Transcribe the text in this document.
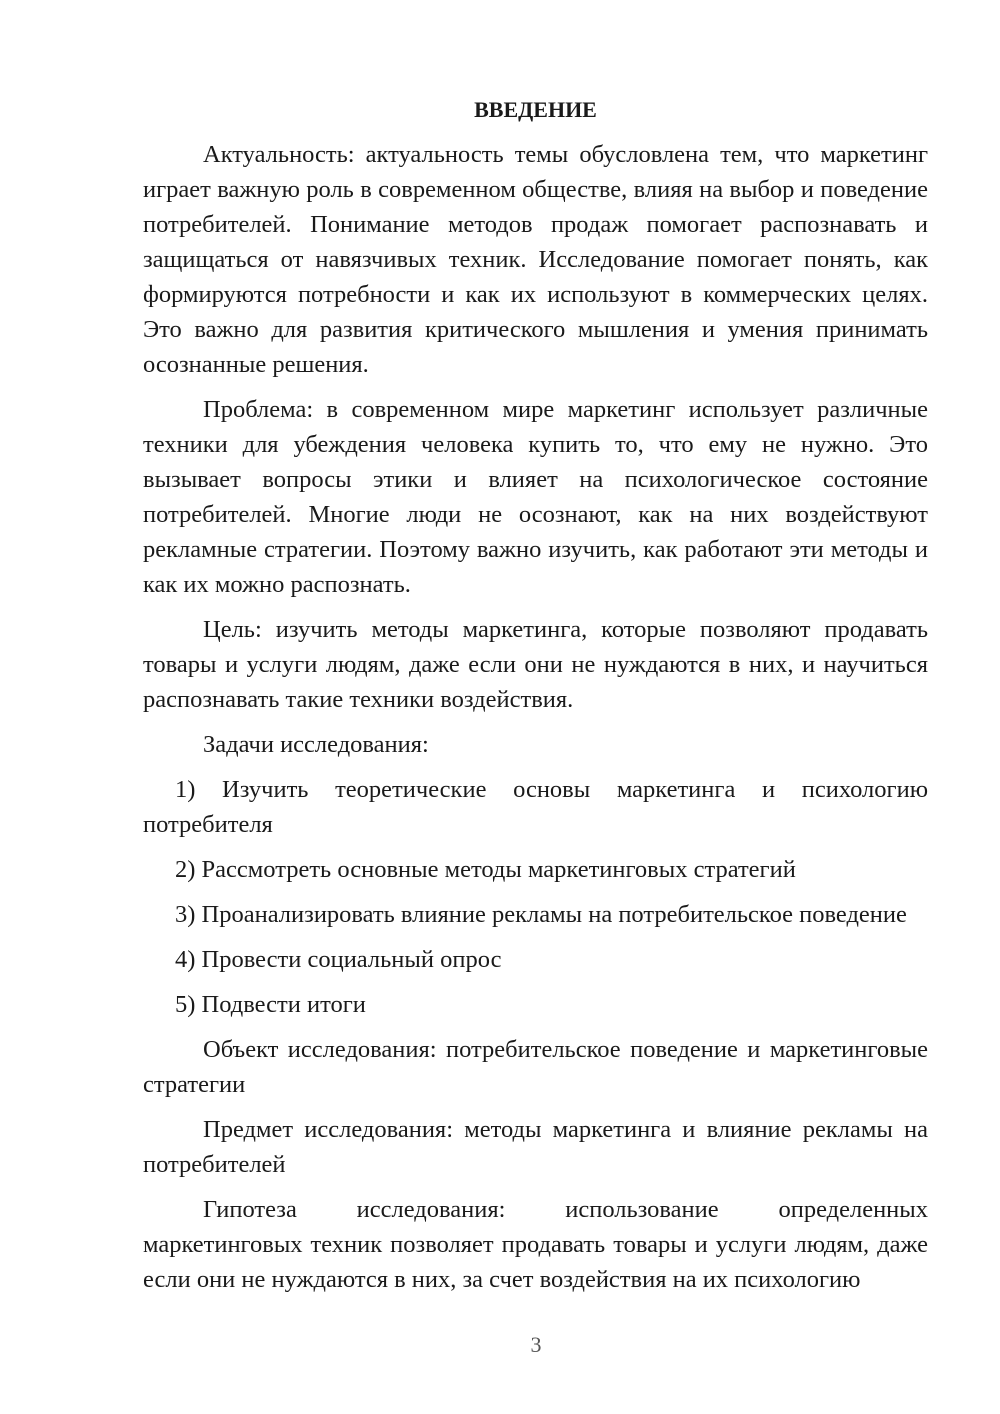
ВВЕДЕНИЕ

Актуальность: актуальность темы обусловлена тем, что маркетинг играет важную роль в современном обществе, влияя на выбор и поведение потребителей. Понимание методов продаж помогает распознавать и защищаться от навязчивых техник. Исследование помогает понять, как формируются потребности и как их используют в коммерческих целях. Это важно для развития критического мышления и умения принимать осознанные решения.

Проблема: в современном мире маркетинг использует различные техники для убеждения человека купить то, что ему не нужно. Это вызывает вопросы этики и влияет на психологическое состояние потребителей. Многие люди не осознают, как на них воздействуют рекламные стратегии. Поэтому важно изучить, как работают эти методы и как их можно распознать.

Цель: изучить методы маркетинга, которые позволяют продавать товары и услуги людям, даже если они не нуждаются в них, и научиться распознавать такие техники воздействия.

Задачи исследования:

1) Изучить теоретические основы маркетинга и психологию потребителя

2) Рассмотреть основные методы маркетинговых стратегий

3) Проанализировать влияние рекламы на потребительское поведение

4) Провести социальный опрос

5) Подвести итоги

Объект исследования: потребительское поведение и маркетинговые стратегии

Предмет исследования: методы маркетинга и влияние рекламы на потребителей

Гипотеза исследования: использование определенных маркетинговых техник позволяет продавать товары и услуги людям, даже если они не нуждаются в них, за счет воздействия на их психологию

3
